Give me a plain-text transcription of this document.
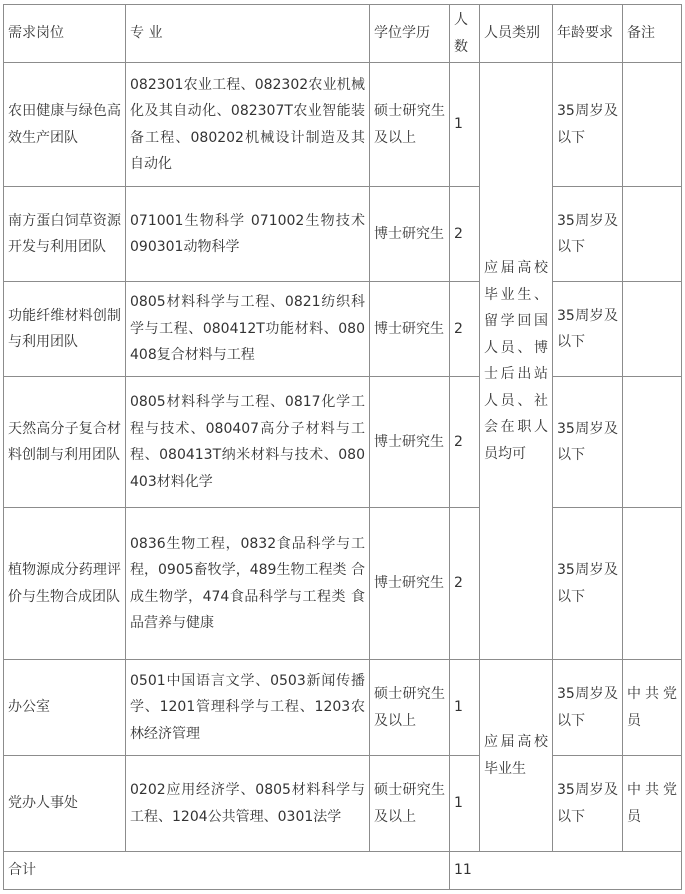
需求岗位	专 业	学位学历	人数	人员类别	年龄要求	备注
农田健康与绿色高效生产团队	082301农业工程、082302农业机械化及其自动化、082307T农业智能装备工程、080202机械设计制造及其自动化	硕士研究生及以上	1	应届高校毕业生、留学回国人员、博士后出站人员、社会在职人员均可	35周岁及以下	
南方蛋白饲草资源开发与利用团队	071001生物科学 071002生物技术 090301动物科学	博士研究生	2		35周岁及以下	
功能纤维材料创制与利用团队	0805材料科学与工程、0821纺织科学与工程、080412T功能材料、080408复合材料与工程	博士研究生	2		35周岁及以下	
天然高分子复合材料创制与利用团队	0805材料科学与工程、0817化学工程与技术、080407高分子材料与工程、080413T纳米材料与技术、080403材料化学	博士研究生	2		35周岁及以下	
植物源成分药理评价与生物合成团队	0836生物工程，0832食品科学与工程，0905畜牧学，489生物工程类 合成生物学，474食品科学与工程类 食品营养与健康	博士研究生	2		35周岁及以下	
办公室	0501中国语言文学、0503新闻传播学、1201管理科学与工程、1203农林经济管理	硕士研究生及以上	1	应届高校毕业生	35周岁及以下	中共党员
党办人事处	0202应用经济学、0805材料科学与工程、1204公共管理、0301法学	硕士研究生及以上	1		35周岁及以下	中共党员
合计			11			
